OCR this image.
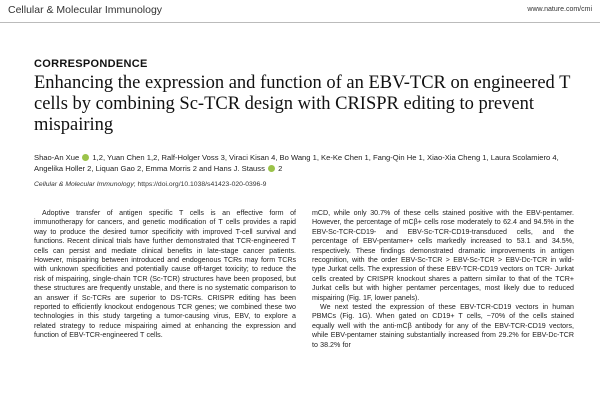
Cellular & Molecular Immunology	www.nature.com/cmi
CORRESPONDENCE
Enhancing the expression and function of an EBV-TCR on engineered T cells by combining Sc-TCR design with CRISPR editing to prevent mispairing
Shao-An Xue  1,2, Yuan Chen 1,2, Ralf-Holger Voss 3, Viraci Kisan 4, Bo Wang 1, Ke-Ke Chen 1, Fang-Qin He 1, Xiao-Xia Cheng 1, Laura Scolamiero 4, Angelika Holler 2, Liquan Gao 2, Emma Morris 2 and Hans J. Stauss  2
Cellular & Molecular Immunology; https://doi.org/10.1038/s41423-020-0396-9

Adoptive transfer of antigen specific T cells is an effective form of immunotherapy for cancers, and genetic modification of T cells provides a rapid way to produce the desired tumor specificity with improved T-cell survival and functions. Recent clinical trials have further demonstrated that TCR-engineered T cells can persist and mediate clinical benefits in late-stage cancer patients. However, mispairing between introduced and endogenous TCRs may form TCRs with unknown specificities and potentially cause off-target toxicity; to reduce the risk of mispairing, single-chain TCR (Sc-TCR) structures have been proposed, but these structures are frequently unstable, and there is no systematic comparison to an answer if Sc-TCRs are superior to DS-TCRs. CRISPR editing has been reported to efficiently knockout endogenous TCR genes; we combined these two technologies in this study targeting a tumor-causing virus, EBV, to explore a related strategy to reduce mispairing aimed at enhancing the expression and function of EBV-TCR-engineered T cells.

mCD, while only 30.7% of these cells stained positive with the EBV-pentamer. However, the percentage of mCβ+ cells rose moderately to 62.4 and 94.5% in the EBV-Sc-TCR-CD19- and EBV-Sc-TCR-CD19-transduced cells, and the percentage of EBV-pentamer+ cells markedly increased to 53.1 and 34.5%, respectively. These findings demonstrated dramatic improvements in antigen recognition, with the order EBV-Sc-TCR > EBV-Sc-TCR > EBV-Dc-TCR in wild-type Jurkat cells. The expression of these EBV-TCR-CD19 vectors on TCR- Jurkat cells created by CRISPR knockout shares a pattern similar to that of the TCR+ Jurkat cells but with higher pentamer percentages, most likely due to reduced mispairing (Fig. 1F, lower panels).

We next tested the expression of these EBV-TCR-CD19 vectors in human PBMCs (Fig. 1G). When gated on CD19+ T cells, ~70% of the cells stained equally well with the anti-mCβ antibody for any of the EBV-TCR-CD19 vectors, while EBV-pentamer staining substantially increased from 29.2% for EBV-Dc-TCR to 38.2% for
